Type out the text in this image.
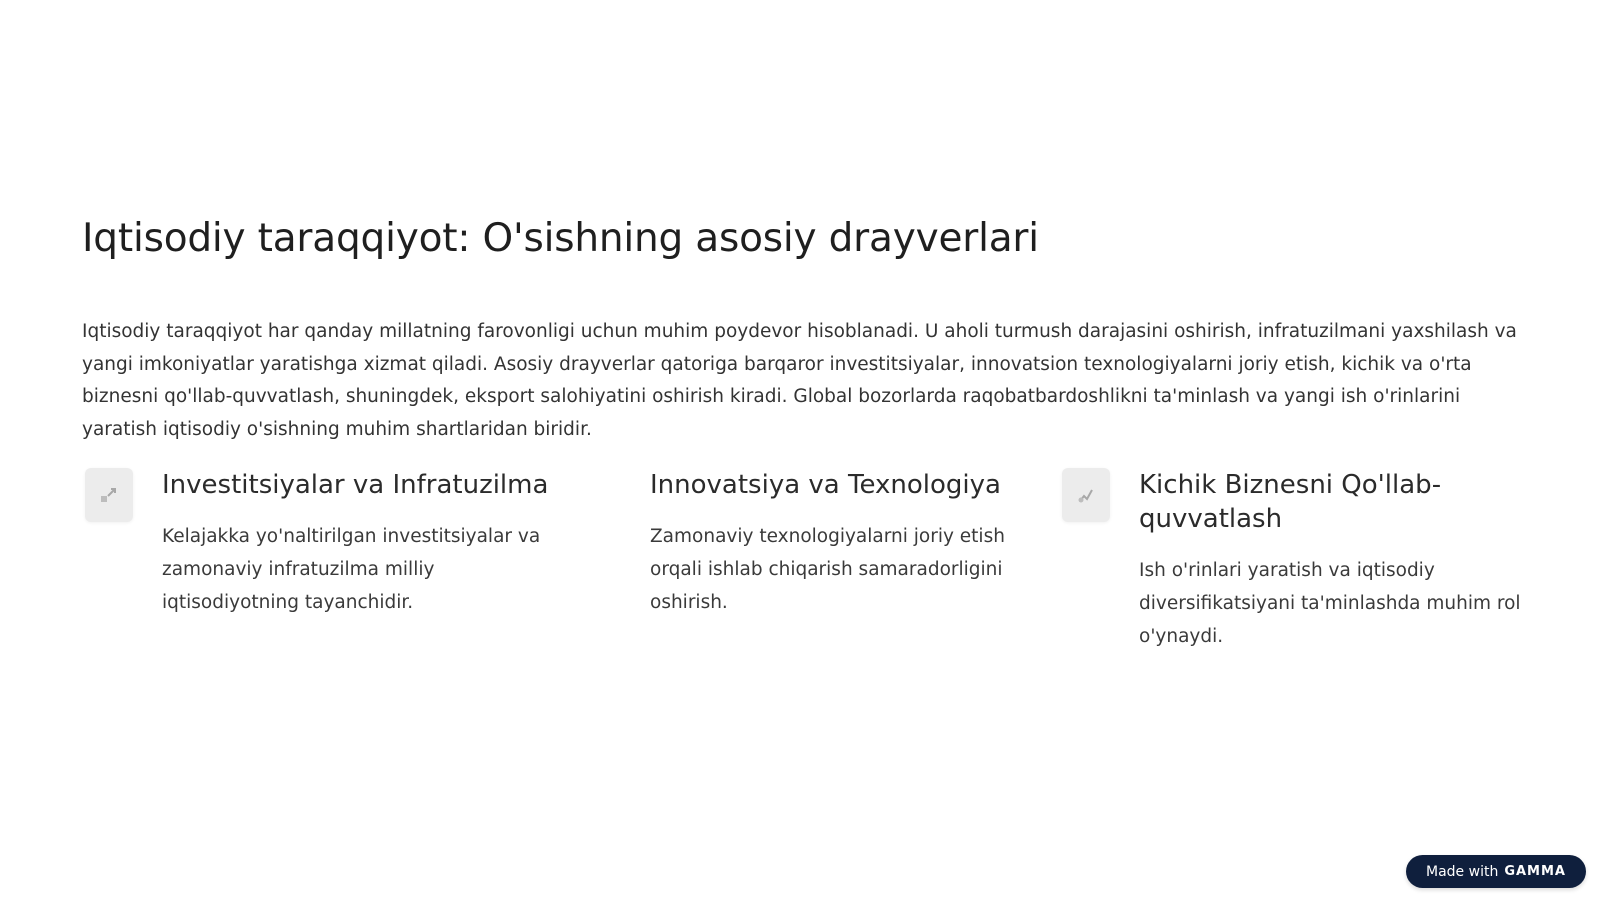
Iqtisodiy taraqqiyot: O'sishning asosiy drayverlari

Iqtisodiy taraqqiyot har qanday millatning farovonligi uchun muhim poydevor hisoblanadi. U aholi turmush darajasini oshirish, infratuzilmani yaxshilash va yangi imkoniyatlar yaratishga xizmat qiladi. Asosiy drayverlar qatoriga barqaror investitsiyalar, innovatsion texnologiyalarni joriy etish, kichik va o'rta biznesni qo'llab-quvvatlash, shuningdek, eksport salohiyatini oshirish kiradi. Global bozorlarda raqobatbardoshlikni ta'minlash va yangi ish o'rinlarini yaratish iqtisodiy o'sishning muhim shartlaridan biridir.

Investitsiyalar va Infratuzilma

Kelajakka yo'naltirilgan investitsiyalar va zamonaviy infratuzilma milliy iqtisodiyotning tayanchidir.

Innovatsiya va Texnologiya

Zamonaviy texnologiyalarni joriy etish orqali ishlab chiqarish samaradorligini oshirish.

Kichik Biznesni Qo'llab-quvvatlash

Ish o'rinlari yaratish va iqtisodiy diversifikatsiyani ta'minlashda muhim rol o'ynaydi.

Made with GAMMA
